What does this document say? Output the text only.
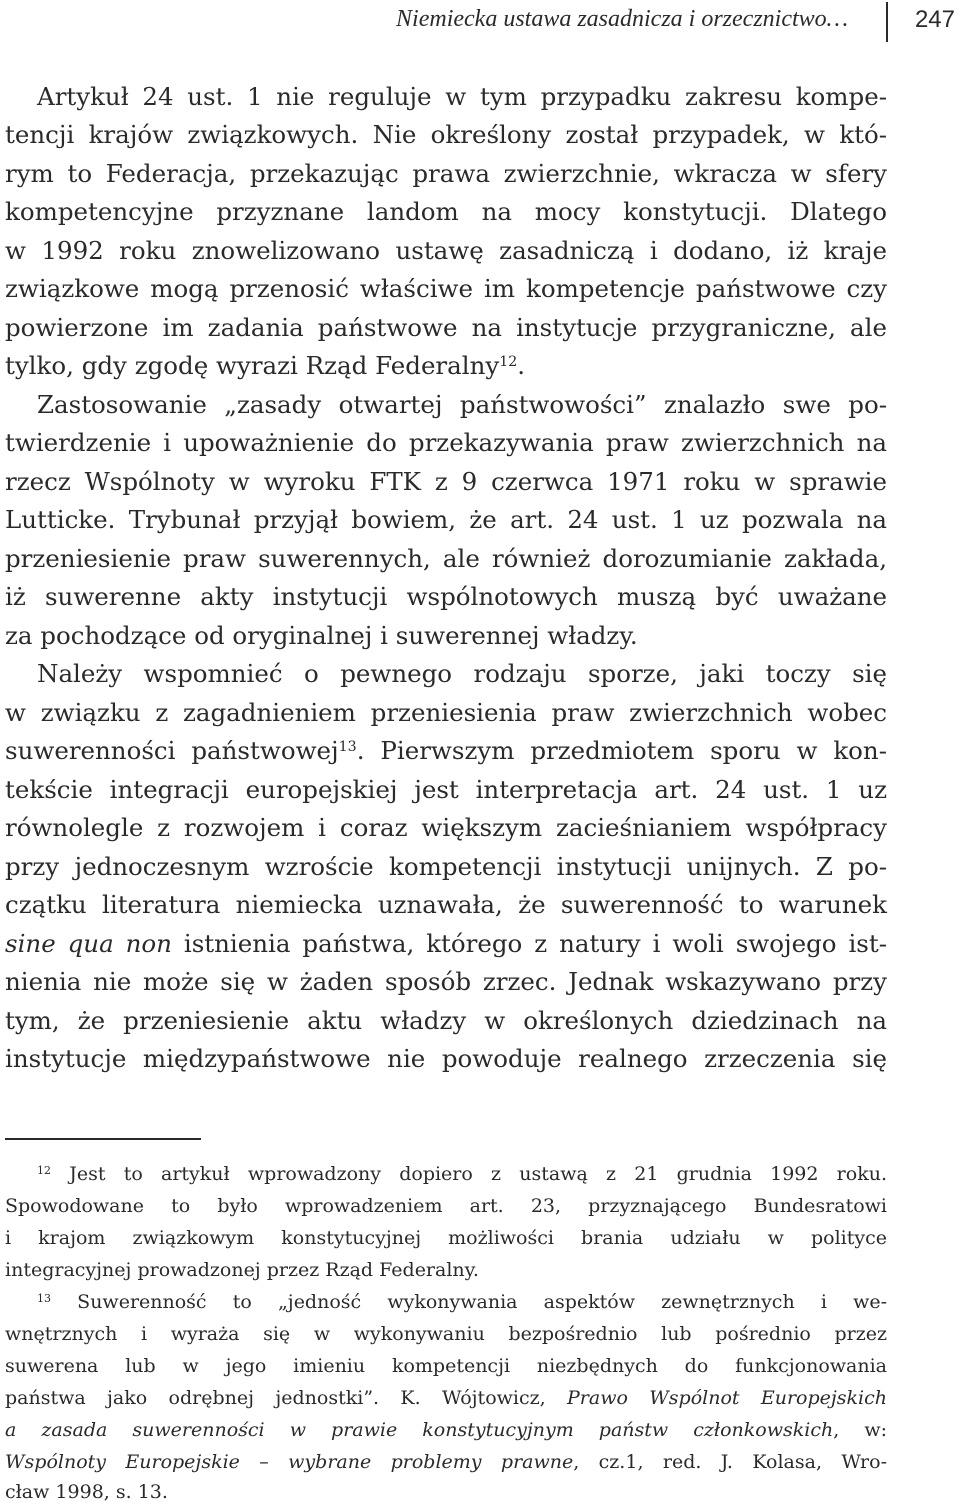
Niemiecka ustawa zasadnicza i orzecznictwo…	247

Artykuł 24 ust. 1 nie reguluje w tym przypadku zakresu kompe-

tencji krajów związkowych. Nie określony został przypadek, w któ-

rym to Federacja, przekazując prawa zwierzchnie, wkracza w sfery

kompetencyjne przyznane landom na mocy konstytucji. Dlatego

w 1992 roku znowelizowano ustawę zasadniczą i dodano, iż kraje

związkowe mogą przenosić właściwe im kompetencje państwowe czy

powierzone im zadania państwowe na instytucje przygraniczne, ale

tylko, gdy zgodę wyrazi Rząd Federalny$^{12}$.

Zastosowanie „zasady otwartej państwowości” znalazło swe po-

twierdzenie i upoważnienie do przekazywania praw zwierzchnich na

rzecz Wspólnoty w wyroku FTK z 9 czerwca 1971 roku w sprawie

Lutticke. Trybunał przyjął bowiem, że art. 24 ust. 1 uz pozwala na

przeniesienie praw suwerennych, ale również dorozumianie zakłada,

iż suwerenne akty instytucji wspólnotowych muszą być uważane

za pochodzące od oryginalnej i suwerennej władzy.

Należy wspomnieć o pewnego rodzaju sporze, jaki toczy się

w związku z zagadnieniem przeniesienia praw zwierzchnich wobec

suwerenności państwowej$^{13}$. Pierwszym przedmiotem sporu w kon-

tekście integracji europejskiej jest interpretacja art. 24 ust. 1 uz

równolegle z rozwojem i coraz większym zacieśnianiem współpracy

przy jednoczesnym wzroście kompetencji instytucji unijnych. Z po-

czątku literatura niemiecka uznawała, że suwerenność to warunek

sine qua non istnienia państwa, którego z natury i woli swojego ist-

nienia nie może się w żaden sposób zrzec. Jednak wskazywano przy

tym, że przeniesienie aktu władzy w określonych dziedzinach na

instytucje międzypaństwowe nie powoduje realnego zrzeczenia się

$^{12}$ Jest to artykuł wprowadzony dopiero z ustawą z 21 grudnia 1992 roku.

Spowodowane to było wprowadzeniem art. 23, przyznającego Bundesratowi

i krajom związkowym konstytucyjnej możliwości brania udziału w polityce

integracyjnej prowadzonej przez Rząd Federalny.

$^{13}$ Suwerenność to „jedność wykonywania aspektów zewnętrznych i we-

wnętrznych i wyraża się w wykonywaniu bezpośrednio lub pośrednio przez

suwerena lub w jego imieniu kompetencji niezbędnych do funkcjonowania

państwa jako odrębnej jednostki”. K. Wójtowicz, Prawo Wspólnot Europejskich

a zasada suwerenności w prawie konstytucyjnym państw członkowskich, w:

Wspólnoty Europejskie – wybrane problemy prawne, cz.1, red. J. Kolasa, Wro-

cław 1998, s. 13.
